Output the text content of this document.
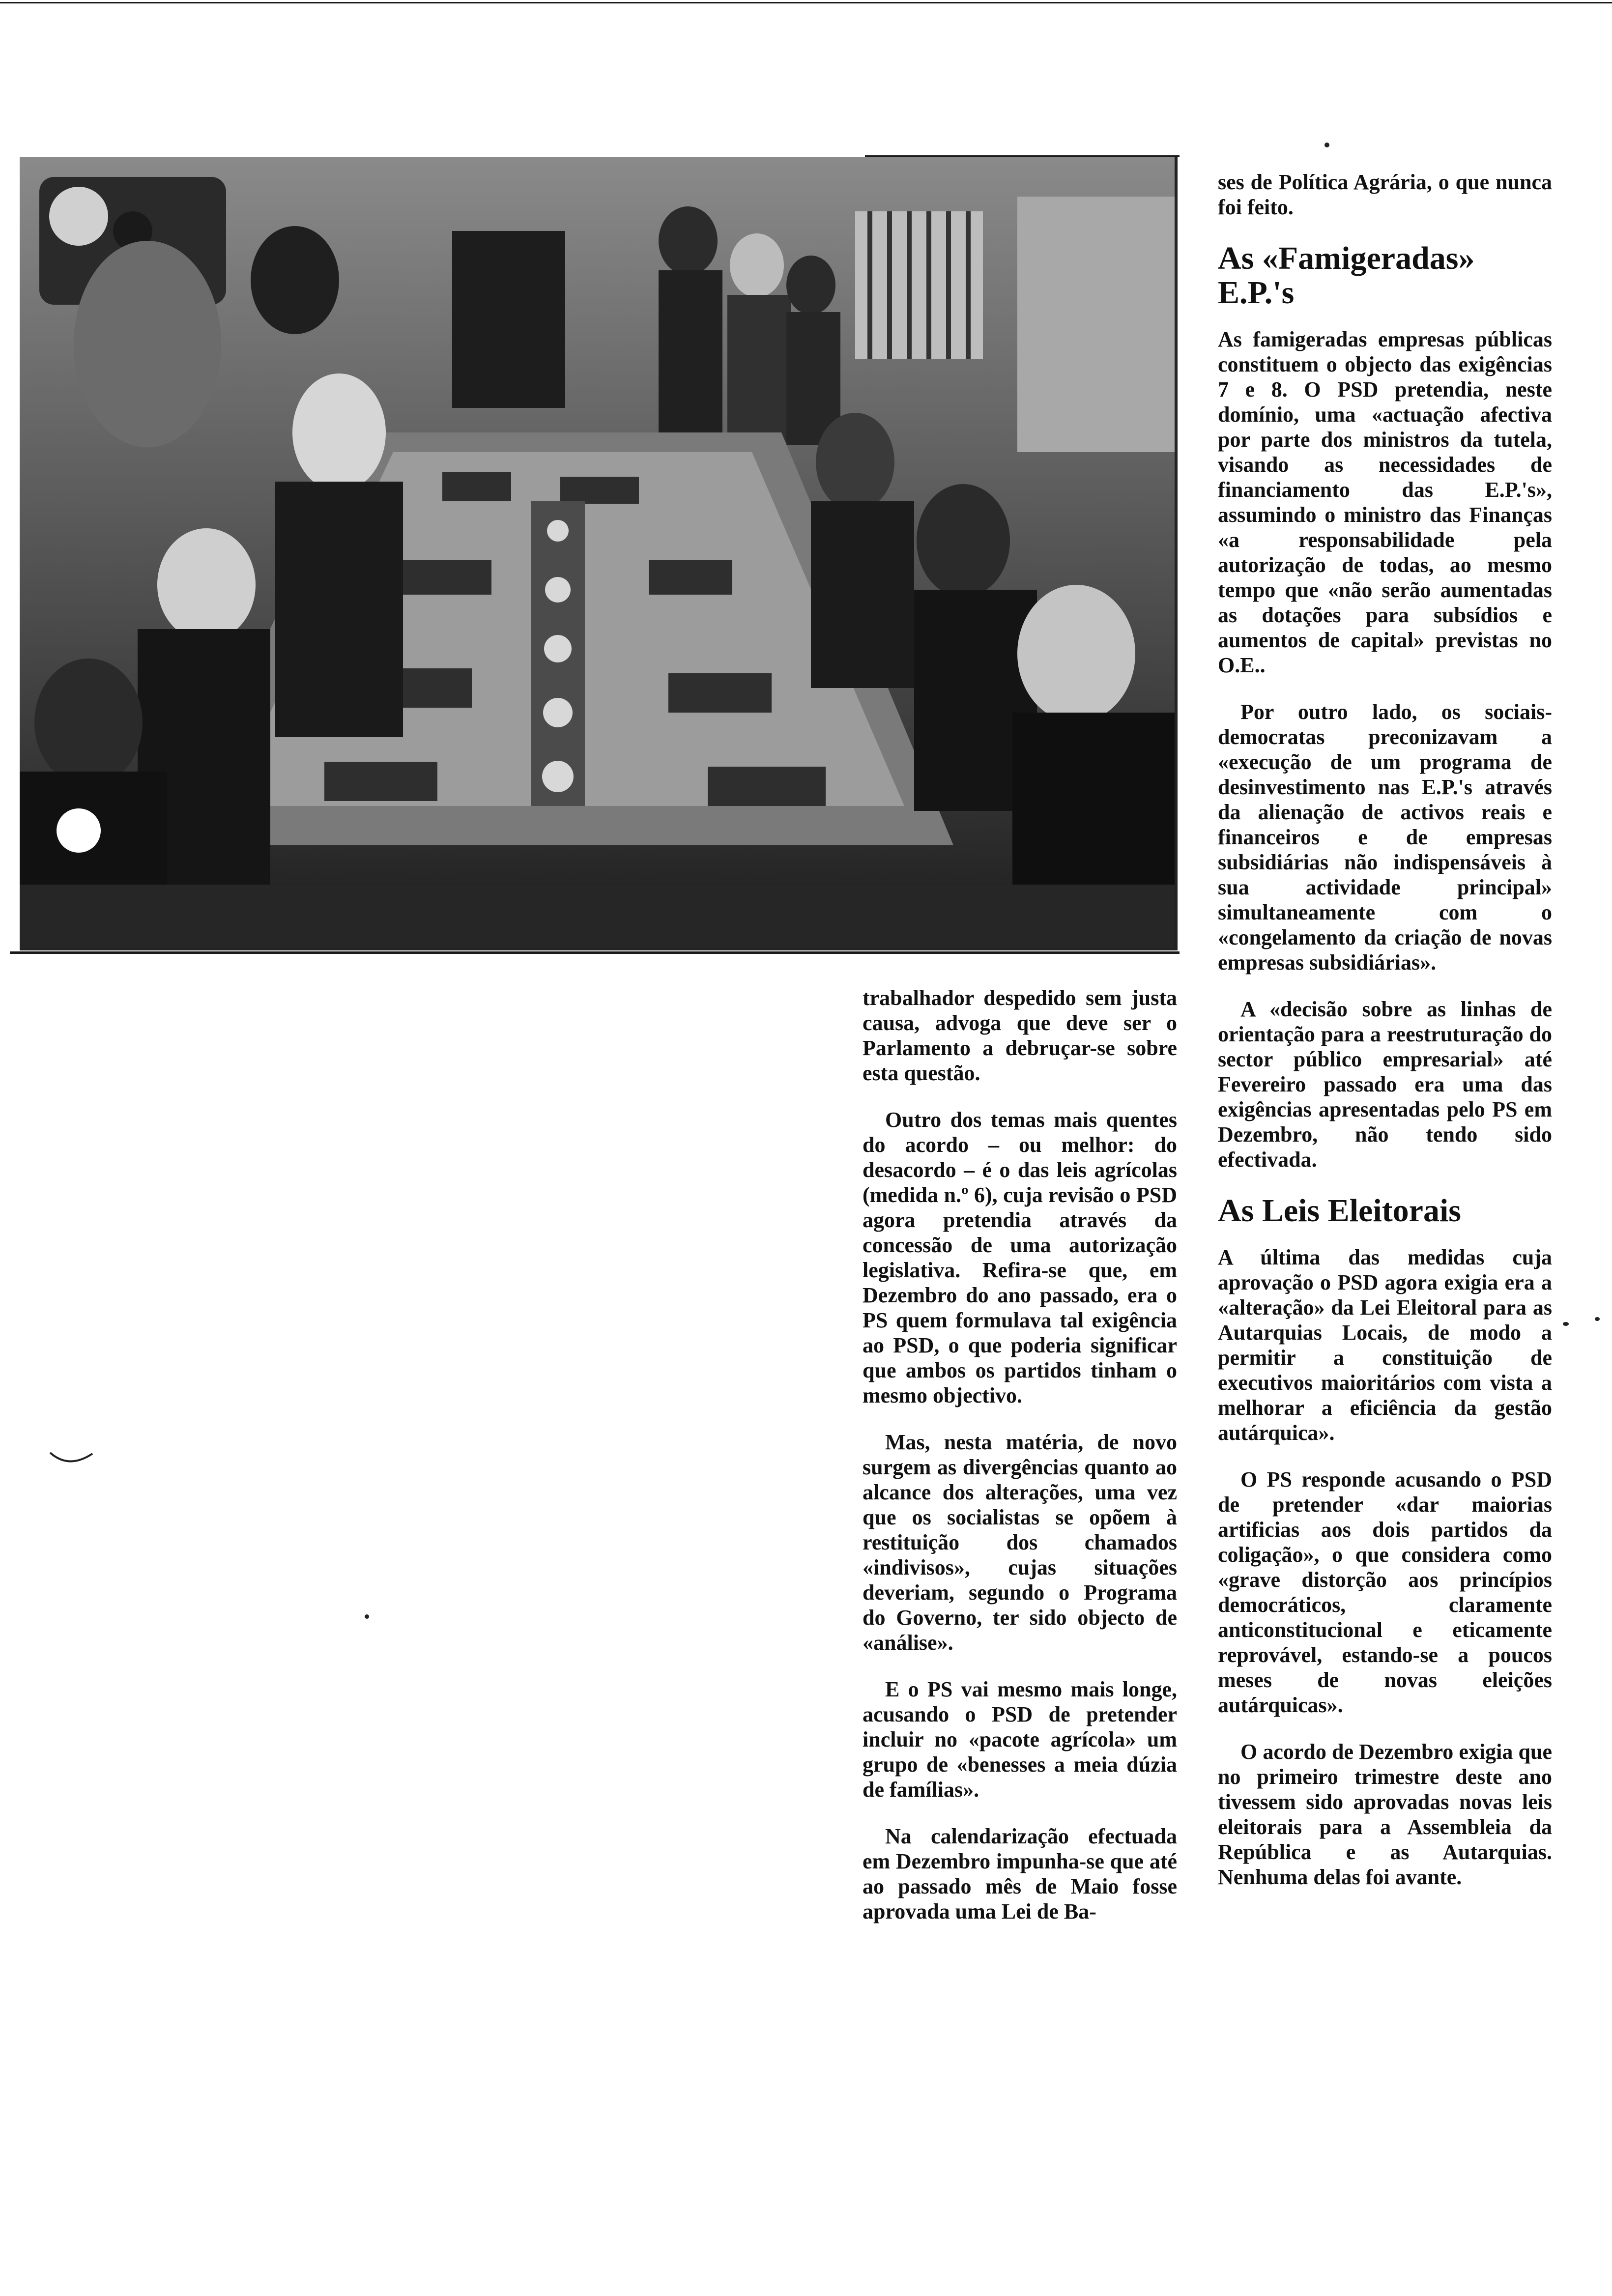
trabalhador despedido sem justa causa, advoga que deve ser o Parlamento a debruçar-se sobre esta questão.

Outro dos temas mais quentes do acordo – ou melhor: do desacordo – é o das leis agrícolas (medida n.º 6), cuja revisão o PSD agora pretendia através da concessão de uma autorização legislativa. Refira-se que, em Dezembro do ano passado, era o PS quem formulava tal exigência ao PSD, o que poderia significar que ambos os partidos tinham o mesmo objectivo.

Mas, nesta matéria, de novo surgem as divergências quanto ao alcance dos alterações, uma vez que os socialistas se opõem à restituição dos chamados «indivisos», cujas situações deveriam, segundo o Programa do Governo, ter sido objecto de «análise».

E o PS vai mesmo mais longe, acusando o PSD de pretender incluir no «pacote agrícola» um grupo de «benesses a meia dúzia de famílias».

Na calendarização efectuada em Dezembro impunha-se que até ao passado mês de Maio fosse aprovada uma Lei de Ba-

ses de Política Agrária, o que nunca foi feito.

As «Famigeradas» E.P.'s

As famigeradas empresas públicas constituem o objecto das exigências 7 e 8. O PSD pretendia, neste domínio, uma «actuação afectiva por parte dos ministros da tutela, visando as necessidades de financiamento das E.P.'s», assumindo o ministro das Finanças «a responsabilidade pela autorização de todas, ao mesmo tempo que «não serão aumentadas as dotações para subsídios e aumentos de capital» previstas no O.E..

Por outro lado, os sociais-democratas preconizavam a «execução de um programa de desinvestimento nas E.P.'s através da alienação de activos reais e financeiros e de empresas subsidiárias não indispensáveis à sua actividade principal» simultaneamente com o «congelamento da criação de novas empresas subsidiárias».

A «decisão sobre as linhas de orientação para a reestruturação do sector público empresarial» até Fevereiro passado era uma das exigências apresentadas pelo PS em Dezembro, não tendo sido efectivada.

As Leis Eleitorais

A última das medidas cuja aprovação o PSD agora exigia era a «alteração» da Lei Eleitoral para as Autarquias Locais, de modo a permitir a constituição de executivos maioritários com vista a melhorar a eficiência da gestão autárquica».

O PS responde acusando o PSD de pretender «dar maiorias artificias aos dois partidos da coligação», o que considera como «grave distorção aos princípios democráticos, claramente anticonstitucional e eticamente reprovável, estando-se a poucos meses de novas eleições autárquicas».

O acordo de Dezembro exigia que no primeiro trimestre deste ano tivessem sido aprovadas novas leis eleitorais para a Assembleia da República e as Autarquias. Nenhuma delas foi avante.
